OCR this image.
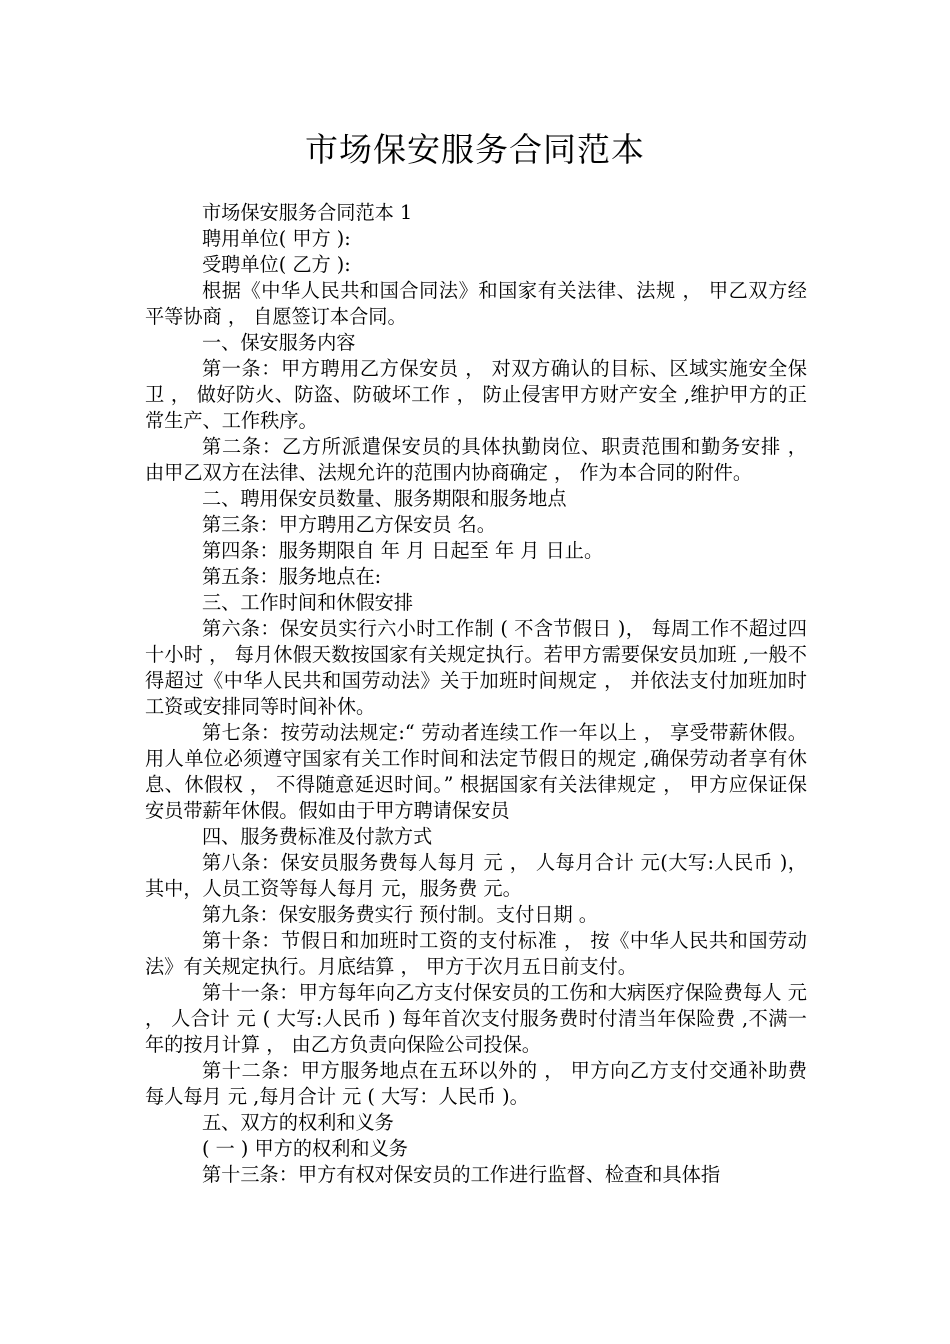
市场保安服务合同范本

市场保安服务合同范本 1

聘用单位( 甲方 ):

受聘单位( 乙方 ):

根据《中华人民共和国合同法》和国家有关法律、法规 ， 甲乙双方经平等协商 ， 自愿签订本合同。

一、保安服务内容

第一条：甲方聘用乙方保安员 ， 对双方确认的目标、区域实施安全保卫 ， 做好防火、防盗、防破坏工作 ， 防止侵害甲方财产安全 ,维护甲方的正常生产、工作秩序。

第二条：乙方所派遣保安员的具体执勤岗位、职责范围和勤务安排 ， 由甲乙双方在法律、法规允许的范围内协商确定 ， 作为本合同的附件。

二、聘用保安员数量、服务期限和服务地点

第三条：甲方聘用乙方保安员 名。

第四条：服务期限自 年 月 日起至 年 月 日止。

第五条：服务地点在:

三、工作时间和休假安排

第六条：保安员实行六小时工作制 ( 不含节假日 )， 每周工作不超过四十小时 ， 每月休假天数按国家有关规定执行。若甲方需要保安员加班 ,一般不得超过《中华人民共和国劳动法》关于加班时间规定 ， 并依法支付加班加时工资或安排同等时间补休。

第七条：按劳动法规定:“ 劳动者连续工作一年以上 ， 享受带薪休假。用人单位必须遵守国家有关工作时间和法定节假日的规定 ,确保劳动者享有休息、休假权 ， 不得随意延迟时间。” 根据国家有关法律规定 ， 甲方应保证保安员带薪年休假。假如由于甲方聘请保安员

四、服务费标准及付款方式

第八条：保安员服务费每人每月 元 ， 人每月合计 元(大写:人民币 )，其中，人员工资等每人每月 元，服务费 元。

第九条：保安服务费实行 预付制。支付日期 。

第十条：节假日和加班时工资的支付标准 ， 按《中华人民共和国劳动法》有关规定执行。月底结算 ， 甲方于次月五日前支付。

第十一条：甲方每年向乙方支付保安员的工伤和大病医疗保险费每人 元 ， 人合计 元 ( 大写:人民币 ) 每年首次支付服务费时付清当年保险费 ,不满一年的按月计算 ， 由乙方负责向保险公司投保。

第十二条：甲方服务地点在五环以外的 ， 甲方向乙方支付交通补助费每人每月 元 ,每月合计 元 ( 大写：人民币 )。

五、双方的权利和义务

( 一 ) 甲方的权利和义务

第十三条：甲方有权对保安员的工作进行监督、检查和具体指
